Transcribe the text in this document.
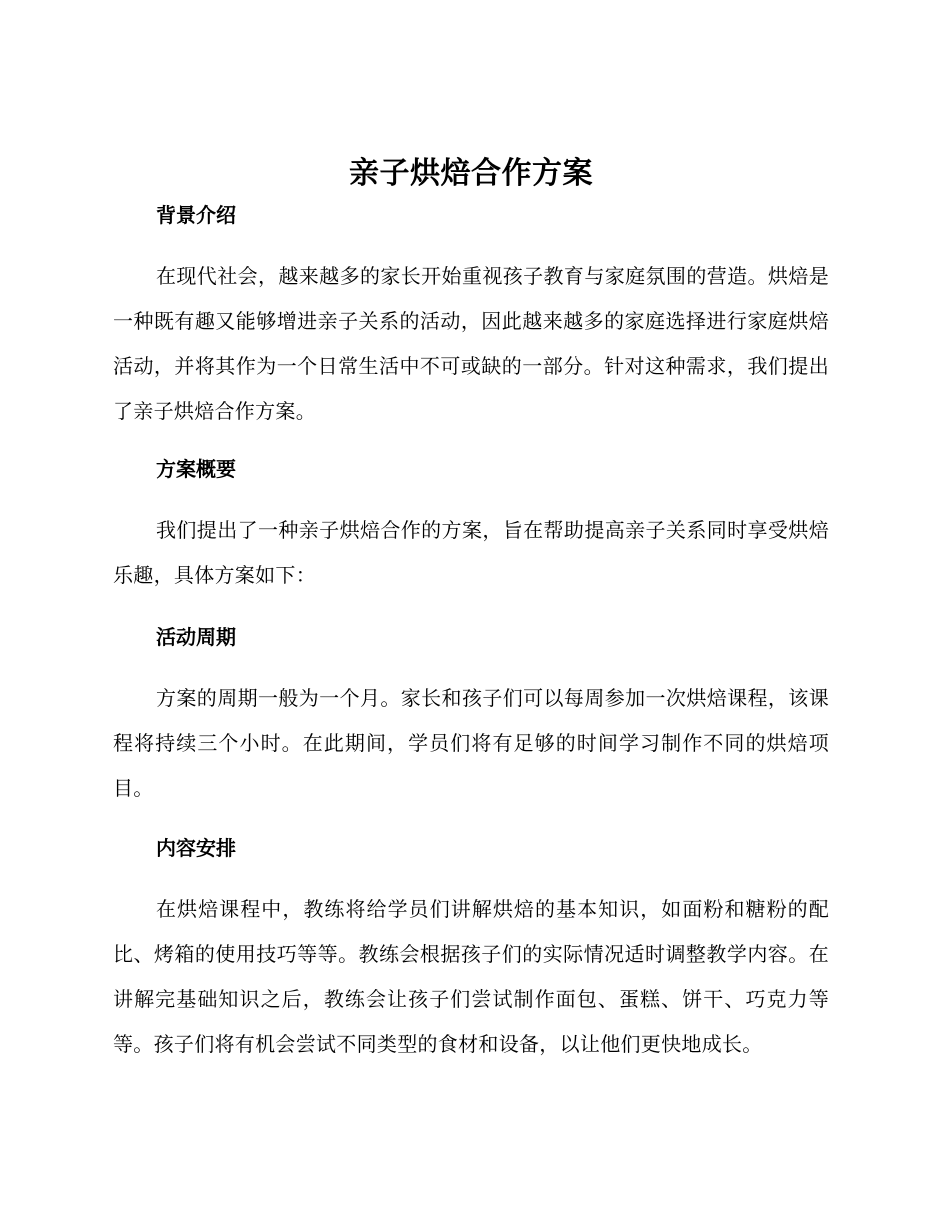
亲子烘焙合作方案
背景介绍

在现代社会，越来越多的家长开始重视孩子教育与家庭氛围的营造。烘焙是一种既有趣又能够增进亲子关系的活动，因此越来越多的家庭选择进行家庭烘焙活动，并将其作为一个日常生活中不可或缺的一部分。针对这种需求，我们提出了亲子烘焙合作方案。

方案概要

我们提出了一种亲子烘焙合作的方案，旨在帮助提高亲子关系同时享受烘焙乐趣，具体方案如下：

活动周期

方案的周期一般为一个月。家长和孩子们可以每周参加一次烘焙课程，该课程将持续三个小时。在此期间，学员们将有足够的时间学习制作不同的烘焙项目。

内容安排

在烘焙课程中，教练将给学员们讲解烘焙的基本知识，如面粉和糖粉的配比、烤箱的使用技巧等等。教练会根据孩子们的实际情况适时调整教学内容。在讲解完基础知识之后，教练会让孩子们尝试制作面包、蛋糕、饼干、巧克力等等。孩子们将有机会尝试不同类型的食材和设备，以让他们更快地成长。
